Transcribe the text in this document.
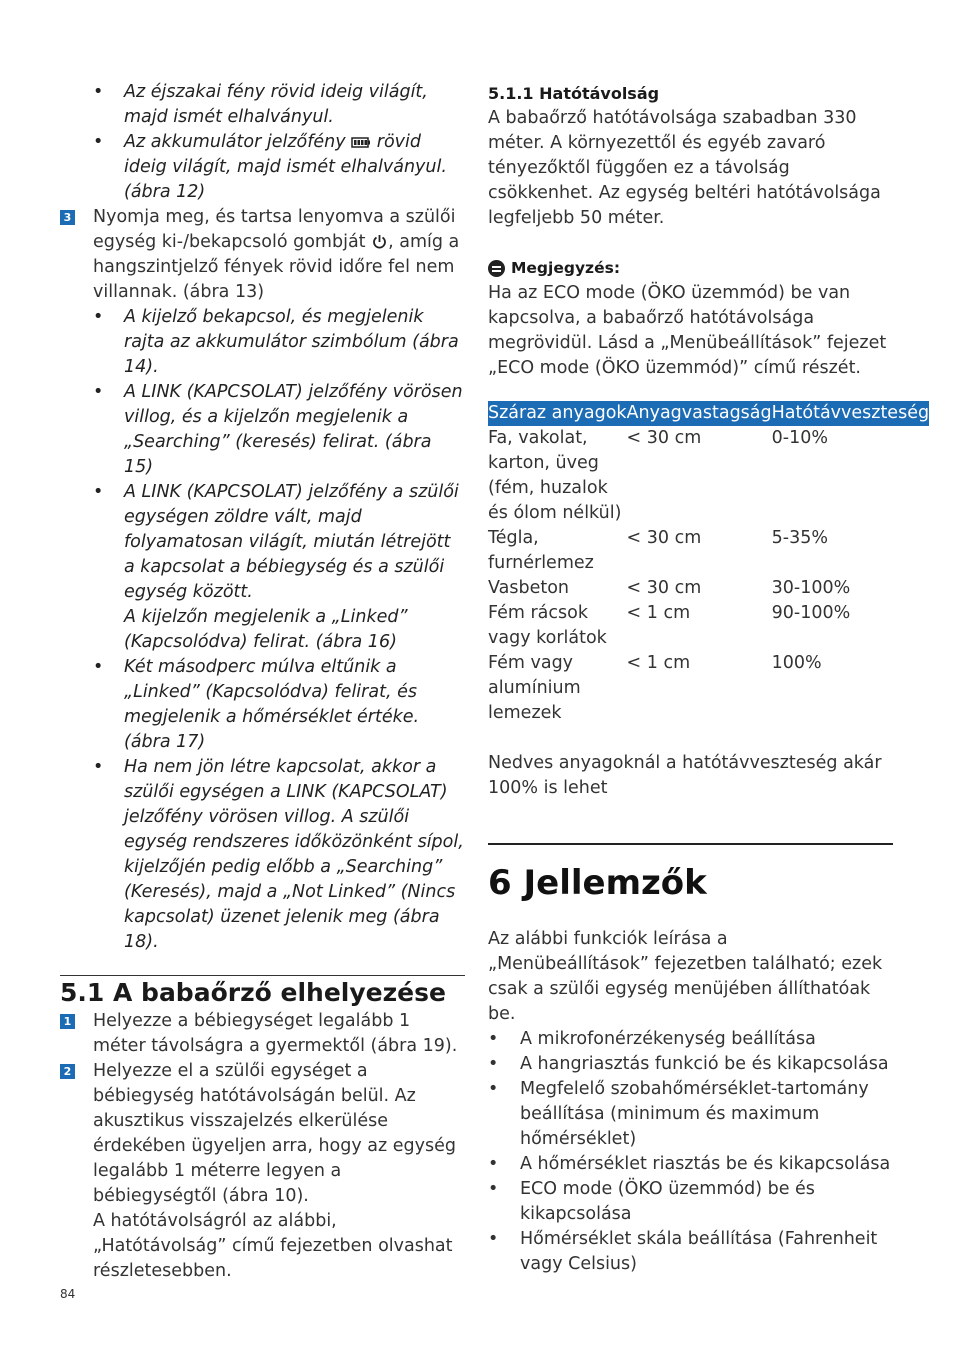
• Az éjszakai fény rövid ideig világít, majd ismét elhalványul.
• Az akkumulátor jelzőfény rövid ideig világít, majd ismét elhalványul. (ábra 12)
3 Nyomja meg, és tartsa lenyomva a szülői egység ki-/bekapcsoló gombját , amíg a hangszintjelző fények rövid időre fel nem villannak. (ábra 13)
• A kijelző bekapcsol, és megjelenik rajta az akkumulátor szimbólum (ábra 14).
• A LINK (KAPCSOLAT) jelzőfény vörösen villog, és a kijelzőn megjelenik a „Searching” (keresés) felirat. (ábra 15)
• A LINK (KAPCSOLAT) jelzőfény a szülői egységen zöldre vált, majd folyamatosan világít, miután létrejött a kapcsolat a bébiegység és a szülői egység között.
A kijelzőn megjelenik a „Linked” (Kapcsolódva) felirat. (ábra 16)
• Két másodperc múlva eltűnik a „Linked” (Kapcsolódva) felirat, és megjelenik a hőmérséklet értéke. (ábra 17)
• Ha nem jön létre kapcsolat, akkor a szülői egységen a LINK (KAPCSOLAT) jelzőfény vörösen villog. A szülői egység rendszeres időközönként sípol, kijelzőjén pedig előbb a „Searching” (Keresés), majd a „Not Linked” (Nincs kapcsolat) üzenet jelenik meg (ábra 18).
5.1 A babaőrző elhelyezése
1 Helyezze a bébiegységet legalább 1 méter távolságra a gyermektől (ábra 19).
2 Helyezze el a szülői egységet a bébiegység hatótávolságán belül. Az akusztikus visszajelzés elkerülése érdekében ügyeljen arra, hogy az egység legalább 1 méterre legyen a bébiegységtől (ábra 10).
A hatótávolságról az alábbi, „Hatótávolság” című fejezetben olvashat részletesebben.
5.1.1 Hatótávolság
A babaőrző hatótávolsága szabadban 330 méter. A környezettől és egyéb zavaró tényezőktől függően ez a távolság csökkenhet. Az egység beltéri hatótávolsága legfeljebb 50 méter.
Megjegyzés:
Ha az ECO mode (ÖKO üzemmód) be van kapcsolva, a babaőrző hatótávolsága megrövidül. Lásd a „Menübeállítások” fejezet „ECO mode (ÖKO üzemmód)” című részét.
Száraz anyagok	Anyagvastagság	Hatótávveszteség
Fa, vakolat, karton, üveg (fém, huzalok és ólom nélkül)	< 30 cm	0-10%
Tégla, furnérlemez	< 30 cm	5-35%
Vasbeton	< 30 cm	30-100%
Fém rácsok vagy korlátok	< 1 cm	90-100%
Fém vagy alumínium lemezek	< 1 cm	100%
Nedves anyagoknál a hatótávveszteség akár 100% is lehet
6 Jellemzők
Az alábbi funkciók leírása a „Menübeállítások” fejezetben található; ezek csak a szülői egység menüjében állíthatóak be.
• A mikrofonérzékenység beállítása
• A hangriasztás funkció be és kikapcsolása
• Megfelelő szobahőmérséklet-tartomány beállítása (minimum és maximum hőmérséklet)
• A hőmérséklet riasztás be és kikapcsolása
• ECO mode (ÖKO üzemmód) be és kikapcsolása
• Hőmérséklet skála beállítása (Fahrenheit vagy Celsius)
84
